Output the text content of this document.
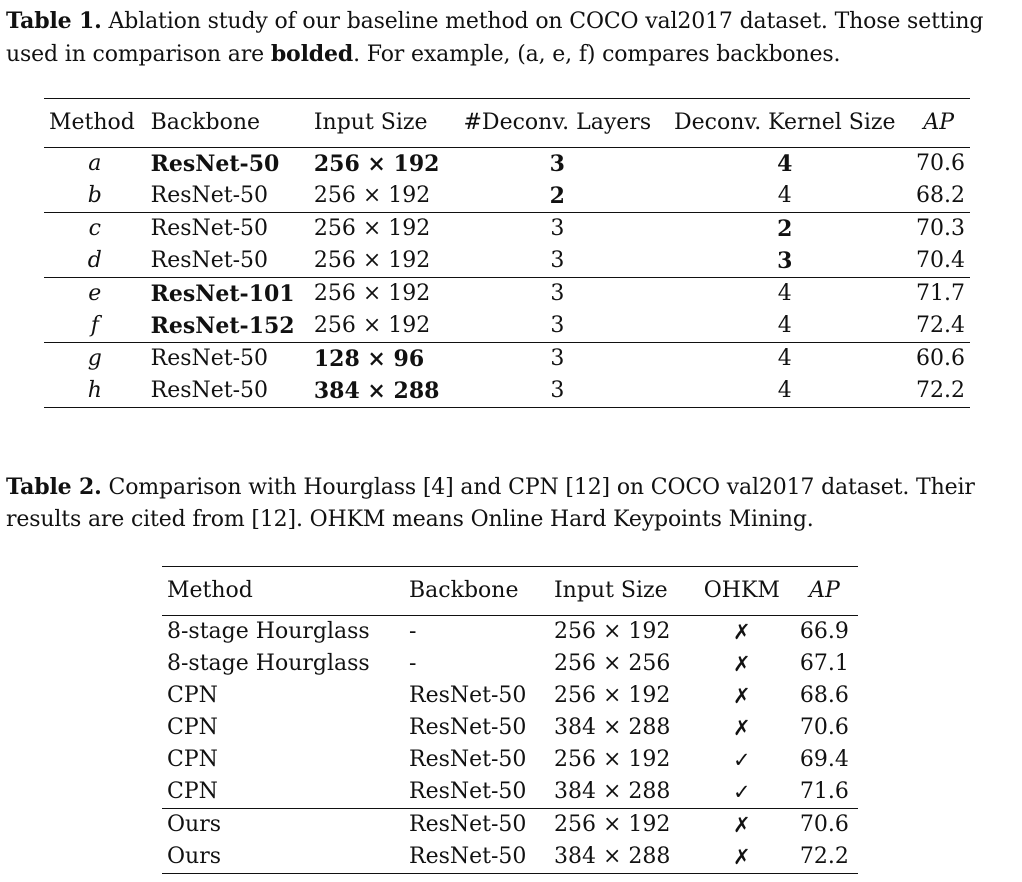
Table 1. Ablation study of our baseline method on COCO val2017 dataset. Those setting used in comparison are bolded. For example, (a, e, f) compares backbones.
Method	Backbone	Input Size	#Deconv. Layers	Deconv. Kernel Size	AP
a	ResNet-50	256 × 192	3	4	70.6
b	ResNet-50	256 × 192	2	4	68.2
c	ResNet-50	256 × 192	3	2	70.3
d	ResNet-50	256 × 192	3	3	70.4
e	ResNet-101	256 × 192	3	4	71.7
f	ResNet-152	256 × 192	3	4	72.4
g	ResNet-50	128 × 96	3	4	60.6
h	ResNet-50	384 × 288	3	4	72.2
Table 2. Comparison with Hourglass [4] and CPN [12] on COCO val2017 dataset. Their results are cited from [12]. OHKM means Online Hard Keypoints Mining.
Method	Backbone	Input Size	OHKM	AP
8-stage Hourglass	-	256 × 192	✗	66.9
8-stage Hourglass	-	256 × 256	✗	67.1
CPN	ResNet-50	256 × 192	✗	68.6
CPN	ResNet-50	384 × 288	✗	70.6
CPN	ResNet-50	256 × 192	✓	69.4
CPN	ResNet-50	384 × 288	✓	71.6
Ours	ResNet-50	256 × 192	✗	70.6
Ours	ResNet-50	384 × 288	✗	72.2
